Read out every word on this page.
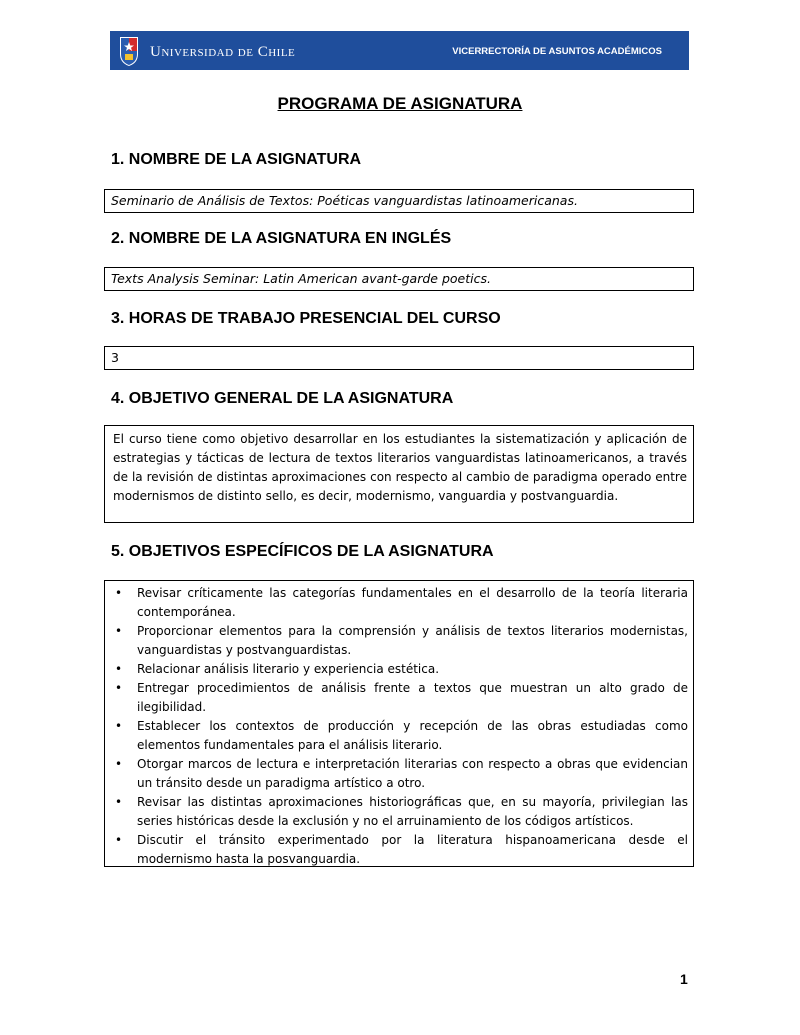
Universidad de Chile	VICERRECTORÍA DE ASUNTOS ACADÉMICOS
PROGRAMA DE ASIGNATURA
1. NOMBRE DE LA ASIGNATURA
Seminario de Análisis de Textos: Poéticas vanguardistas latinoamericanas.
2. NOMBRE DE LA ASIGNATURA EN INGLÉS
Texts Analysis Seminar: Latin American avant-garde poetics.
3. HORAS DE TRABAJO PRESENCIAL DEL CURSO
3
4. OBJETIVO GENERAL DE LA ASIGNATURA
El curso tiene como objetivo desarrollar en los estudiantes la sistematización y aplicación de estrategias y tácticas de lectura de textos literarios vanguardistas latinoamericanos, a través de la revisión de distintas aproximaciones con respecto al cambio de paradigma operado entre modernismos de distinto sello, es decir, modernismo, vanguardia y postvanguardia.
5. OBJETIVOS ESPECÍFICOS DE LA ASIGNATURA
• Revisar críticamente las categorías fundamentales en el desarrollo de la teoría literaria contemporánea.
• Proporcionar elementos para la comprensión y análisis de textos literarios modernistas, vanguardistas y postvanguardistas.
• Relacionar análisis literario y experiencia estética.
• Entregar procedimientos de análisis frente a textos que muestran un alto grado de ilegibilidad.
• Establecer los contextos de producción y recepción de las obras estudiadas como elementos fundamentales para el análisis literario.
• Otorgar marcos de lectura e interpretación literarias con respecto a obras que evidencian un tránsito desde un paradigma artístico a otro.
• Revisar las distintas aproximaciones historiográficas que, en su mayoría, privilegian las series históricas desde la exclusión y no el arruinamiento de los códigos artísticos.
• Discutir el tránsito experimentado por la literatura hispanoamericana desde el modernismo hasta la posvanguardia.
1
